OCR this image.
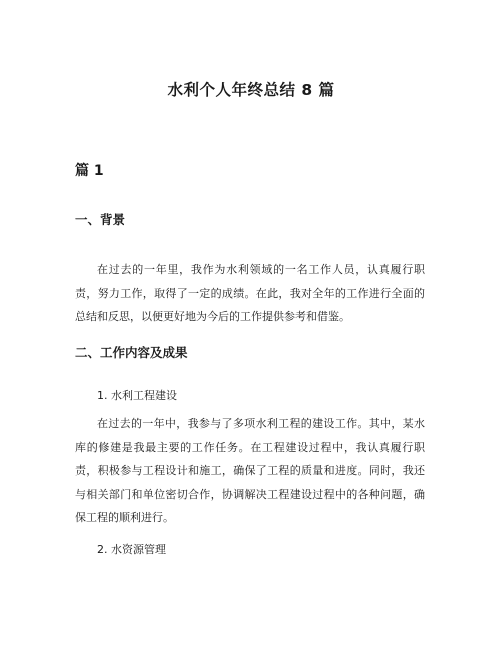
水利个人年终总结 8 篇
篇 1
一、背景
在过去的一年里，我作为水利领域的一名工作人员，认真履行职责，努力工作，取得了一定的成绩。在此，我对全年的工作进行全面的总结和反思，以便更好地为今后的工作提供参考和借鉴。
二、工作内容及成果
1. 水利工程建设
在过去的一年中，我参与了多项水利工程的建设工作。其中，某水库的修建是我最主要的工作任务。在工程建设过程中，我认真履行职责，积极参与工程设计和施工，确保了工程的质量和进度。同时，我还与相关部门和单位密切合作，协调解决工程建设过程中的各种问题，确保工程的顺利进行。
2. 水资源管理
